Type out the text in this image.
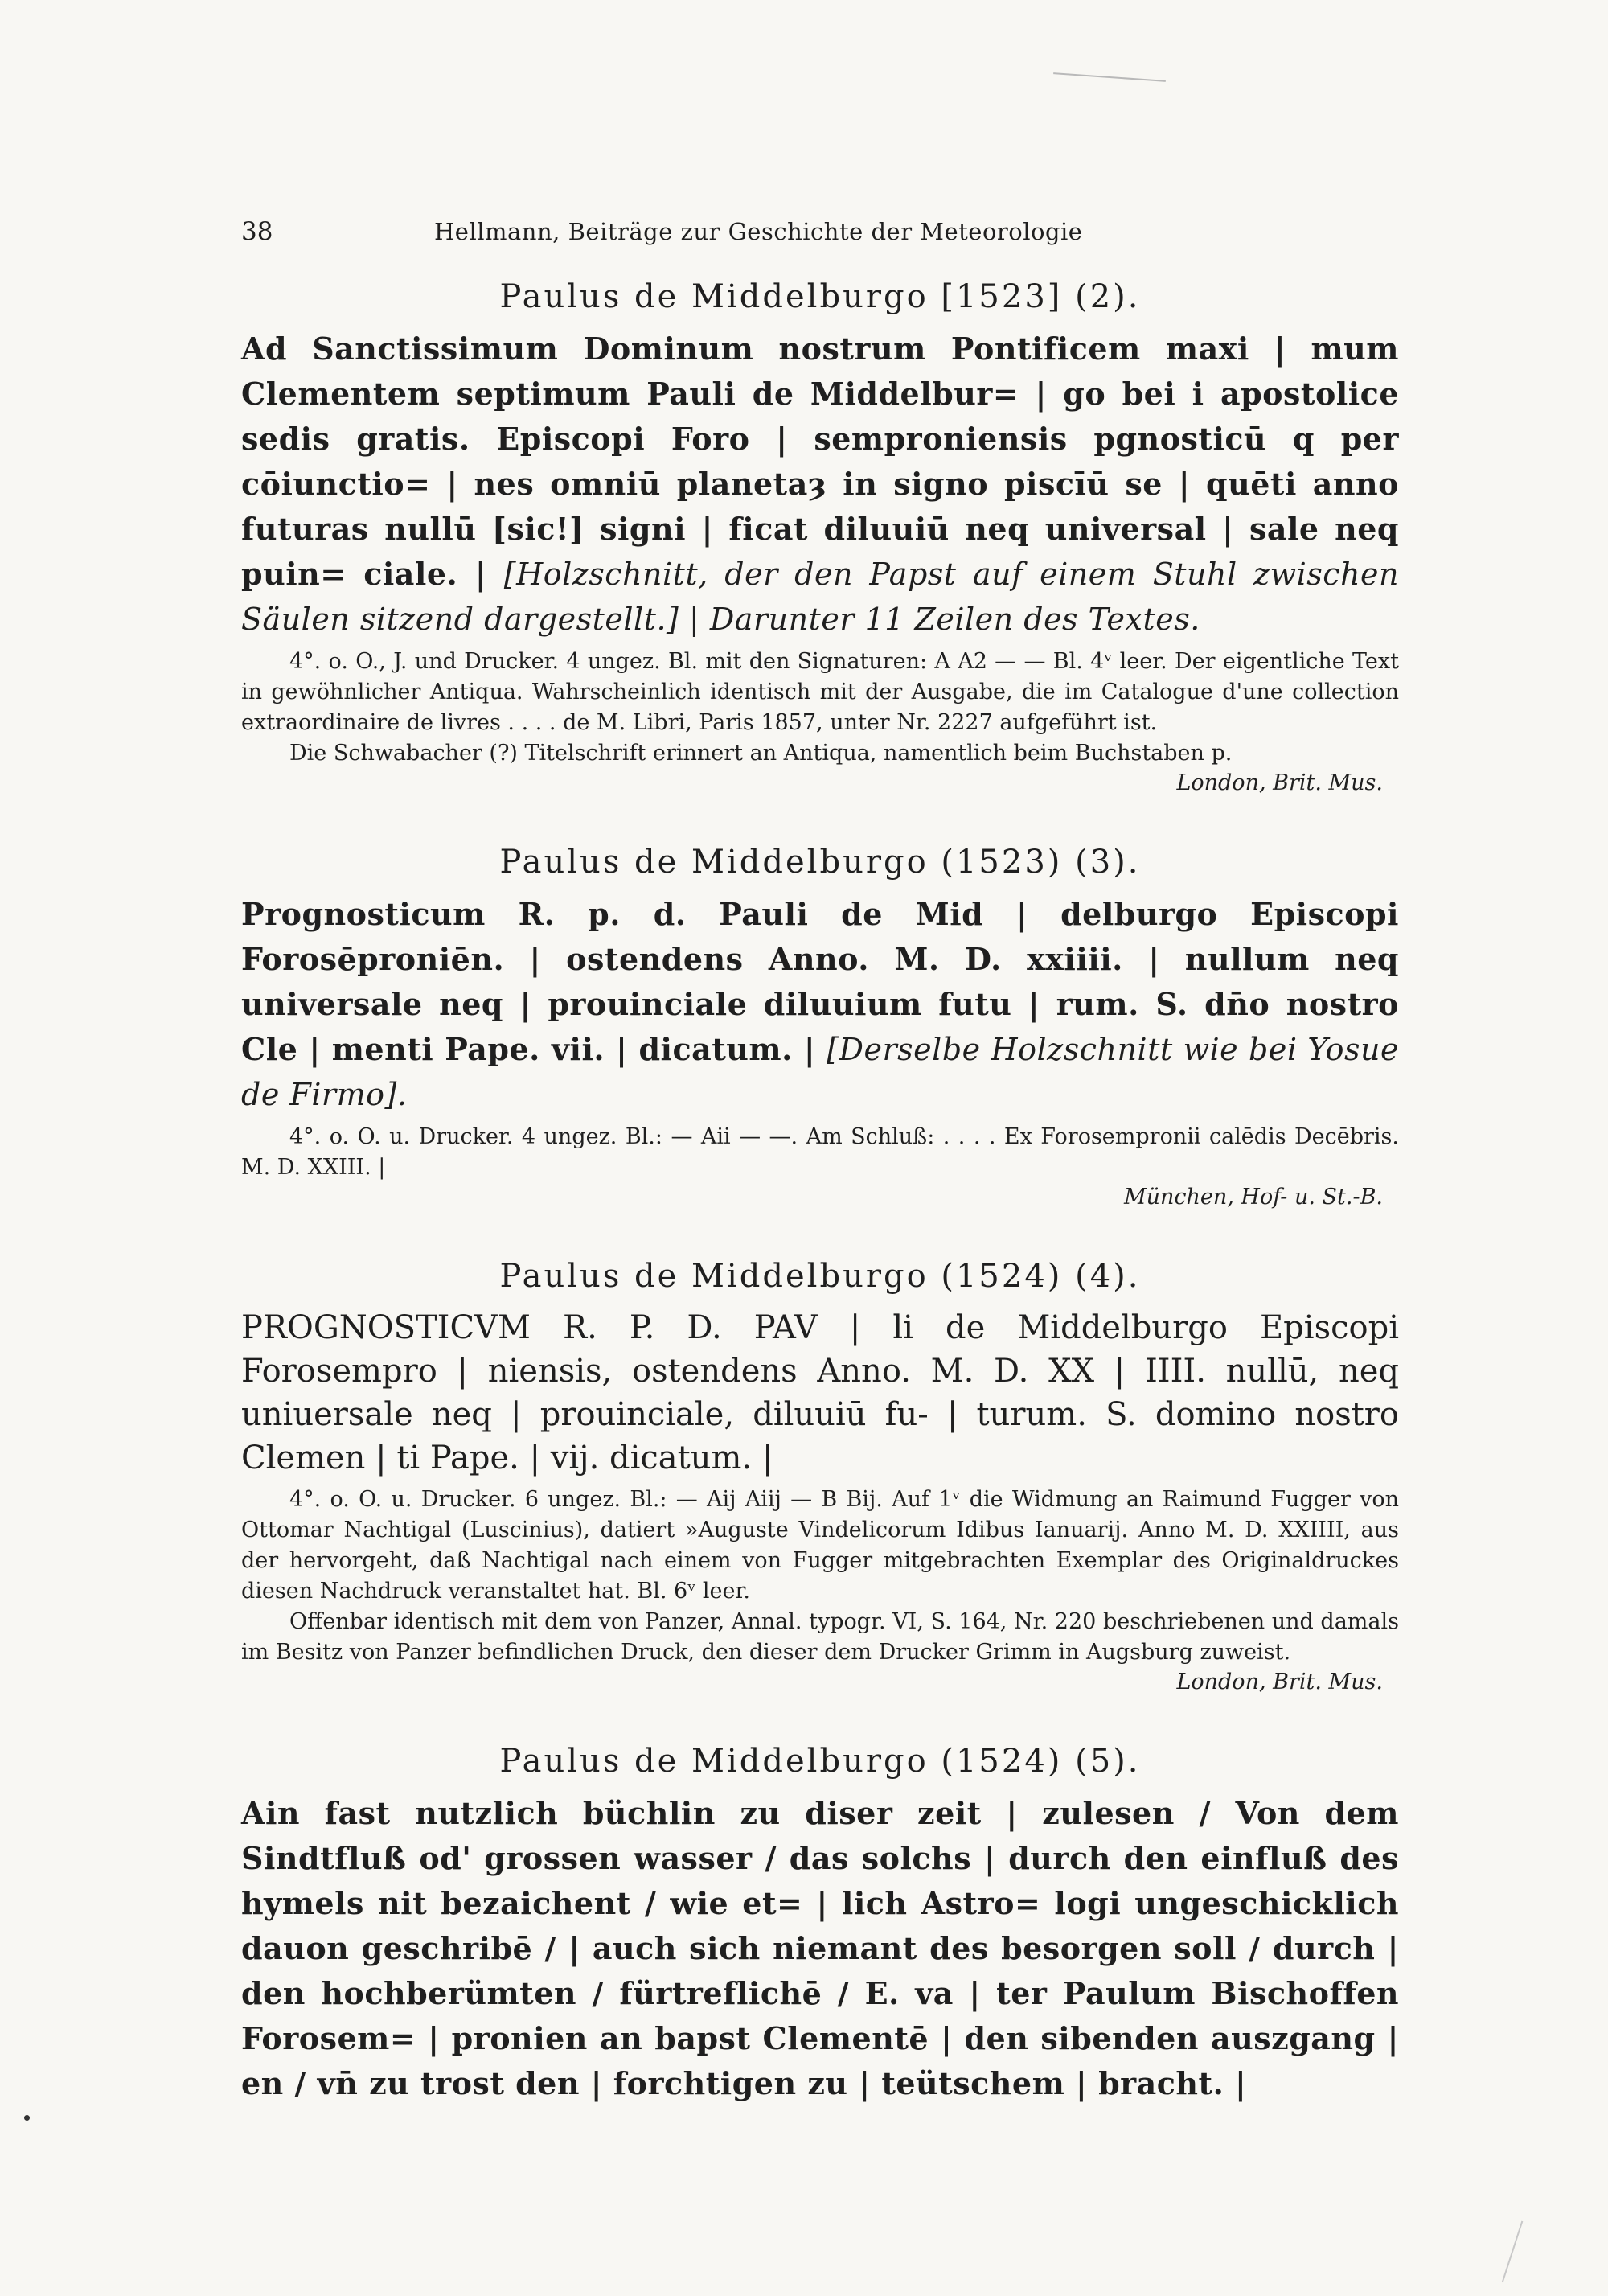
38	Hellmann, Beiträge zur Geschichte der Meteorologie
Paulus de Middelburgo [1523] (2).
Ad Sanctissimum Dominum nostrum Pontificem maxi | mum Clementem septimum Pauli de Middelbur= | go bei i apostolice sedis gratis. Episcopi Foro | semproniensis pgnosticū q per cōiunctio= | nes omniū planetaȝ in signo piscīū se | quēti anno futuras nullū [sic!] signi | ficat diluuiū neq universal | sale neq puin= ciale. | [Holzschnitt, der den Papst auf einem Stuhl zwischen Säulen sitzend dargestellt.] | Darunter 11 Zeilen des Textes.

4°. o. O., J. und Drucker. 4 ungez. Bl. mit den Signaturen: A A2 — — Bl. 4ᵛ leer. Der eigentliche Text in gewöhnlicher Antiqua. Wahrscheinlich identisch mit der Ausgabe, die im Catalogue d'une collection extraordinaire de livres . . . . de M. Libri, Paris 1857, unter Nr. 2227 aufgeführt ist.

Die Schwabacher (?) Titelschrift erinnert an Antiqua, namentlich beim Buchstaben p.

London, Brit. Mus.
Paulus de Middelburgo (1523) (3).
Prognosticum R. p. d. Pauli de Mid | delburgo Episcopi Forosēproniēn. | ostendens Anno. M. D. xxiiii. | nullum neq universale neq | prouinciale diluuium futu | rum. S. dn̄o nostro Cle | menti Pape. vii. | dicatum. | [Derselbe Holzschnitt wie bei Yosue de Firmo].

4°. o. O. u. Drucker. 4 ungez. Bl.: — Aii — —. Am Schluß: . . . . Ex Forosempronii calēdis Decēbris. M. D. XXIII. |

München, Hof- u. St.-B.
Paulus de Middelburgo (1524) (4).
PROGNOSTICVM R. P. D. PAV | li de Middelburgo Episcopi Forosempro | niensis, ostendens Anno. M. D. XX | IIII. nullū, neq uniuersale neq | prouinciale, diluuiū fu- | turum. S. domino nostro Clemen | ti Pape. | vij. dicatum. |

4°. o. O. u. Drucker. 6 ungez. Bl.: — Aij Aiij — B Bij. Auf 1ᵛ die Widmung an Raimund Fugger von Ottomar Nachtigal (Luscinius), datiert »Auguste Vindelicorum Idibus Ianuarij. Anno M. D. XXIIII, aus der hervorgeht, daß Nachtigal nach einem von Fugger mitgebrachten Exemplar des Originaldruckes diesen Nachdruck veranstaltet hat. Bl. 6ᵛ leer.

Offenbar identisch mit dem von Panzer, Annal. typogr. VI, S. 164, Nr. 220 beschriebenen und damals im Besitz von Panzer befindlichen Druck, den dieser dem Drucker Grimm in Augsburg zuweist.

London, Brit. Mus.
Paulus de Middelburgo (1524) (5).
Ain fast nutzlich büchlin zu diser zeit | zulesen / Von dem Sindtfluß od' grossen wasser / das solchs | durch den einfluß des hymels nit bezaichent / wie et= | lich Astro= logi ungeschicklich dauon geschribē / | auch sich niemant des besorgen soll / durch | den hochberümten / fürtreflichē / E. va | ter Paulum Bischoffen Forosem= | pronien an bapst Clementē | den sibenden auszgang | en / vn̄ zu trost den | forchtigen zu | teütschem | bracht. |
